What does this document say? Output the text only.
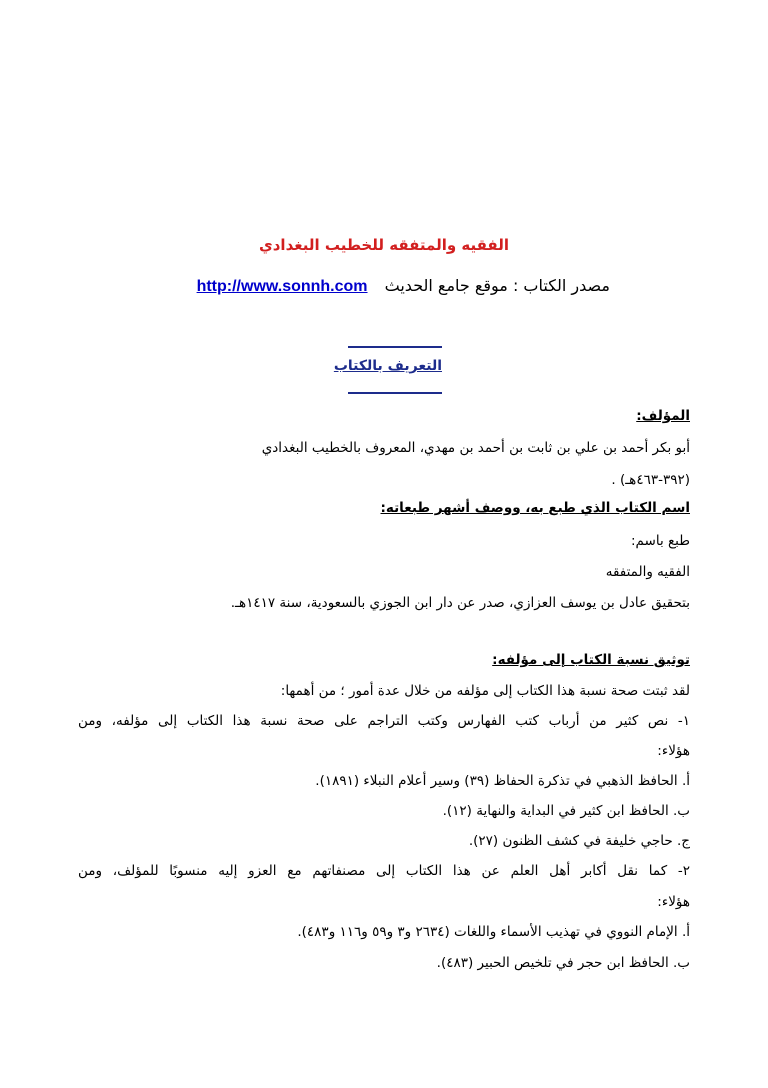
الفقيه والمتفقه للخطيب البغدادي
مصدر الكتاب : موقع جامع الحديث http://www.sonnh.com
التعريف بالكتاب
المؤلف:
أبو بكر أحمد بن علي بن ثابت بن أحمد بن مهدي، المعروف بالخطيب البغدادي
(٣٩٢-٤٦٣هـ) .
اسم الكتاب الذي طبع به، ووصف أشهر طبعاته:
طبع باسم:
الفقيه والمتفقه
بتحقيق عادل بن يوسف العزازي، صدر عن دار ابن الجوزي بالسعودية، سنة ١٤١٧هـ.
توثيق نسبة الكتاب إلى مؤلفه:
لقد ثبتت صحة نسبة هذا الكتاب إلى مؤلفه من خلال عدة أمور ؛ من أهمها:
١- نص كثير من أرباب كتب الفهارس وكتب التراجم على صحة نسبة هذا الكتاب إلى مؤلفه، ومن
هؤلاء:
أ. الحافظ الذهبي في تذكرة الحفاظ (٣٩) وسير أعلام النبلاء (١٨٩١).
ب. الحافظ ابن كثير في البداية والنهاية (١٢).
ج. حاجي خليفة في كشف الظنون (٢٧).
٢- كما نقل أكابر أهل العلم عن هذا الكتاب إلى مصنفاتهم مع العزو إليه منسوبًا للمؤلف، ومن
هؤلاء:
أ. الإمام النووي في تهذيب الأسماء واللغات (٢٦٣٤ و٣ و٥٩ و١١٦ و٤٨٣).
ب. الحافظ ابن حجر في تلخيص الحبير (٤٨٣).
